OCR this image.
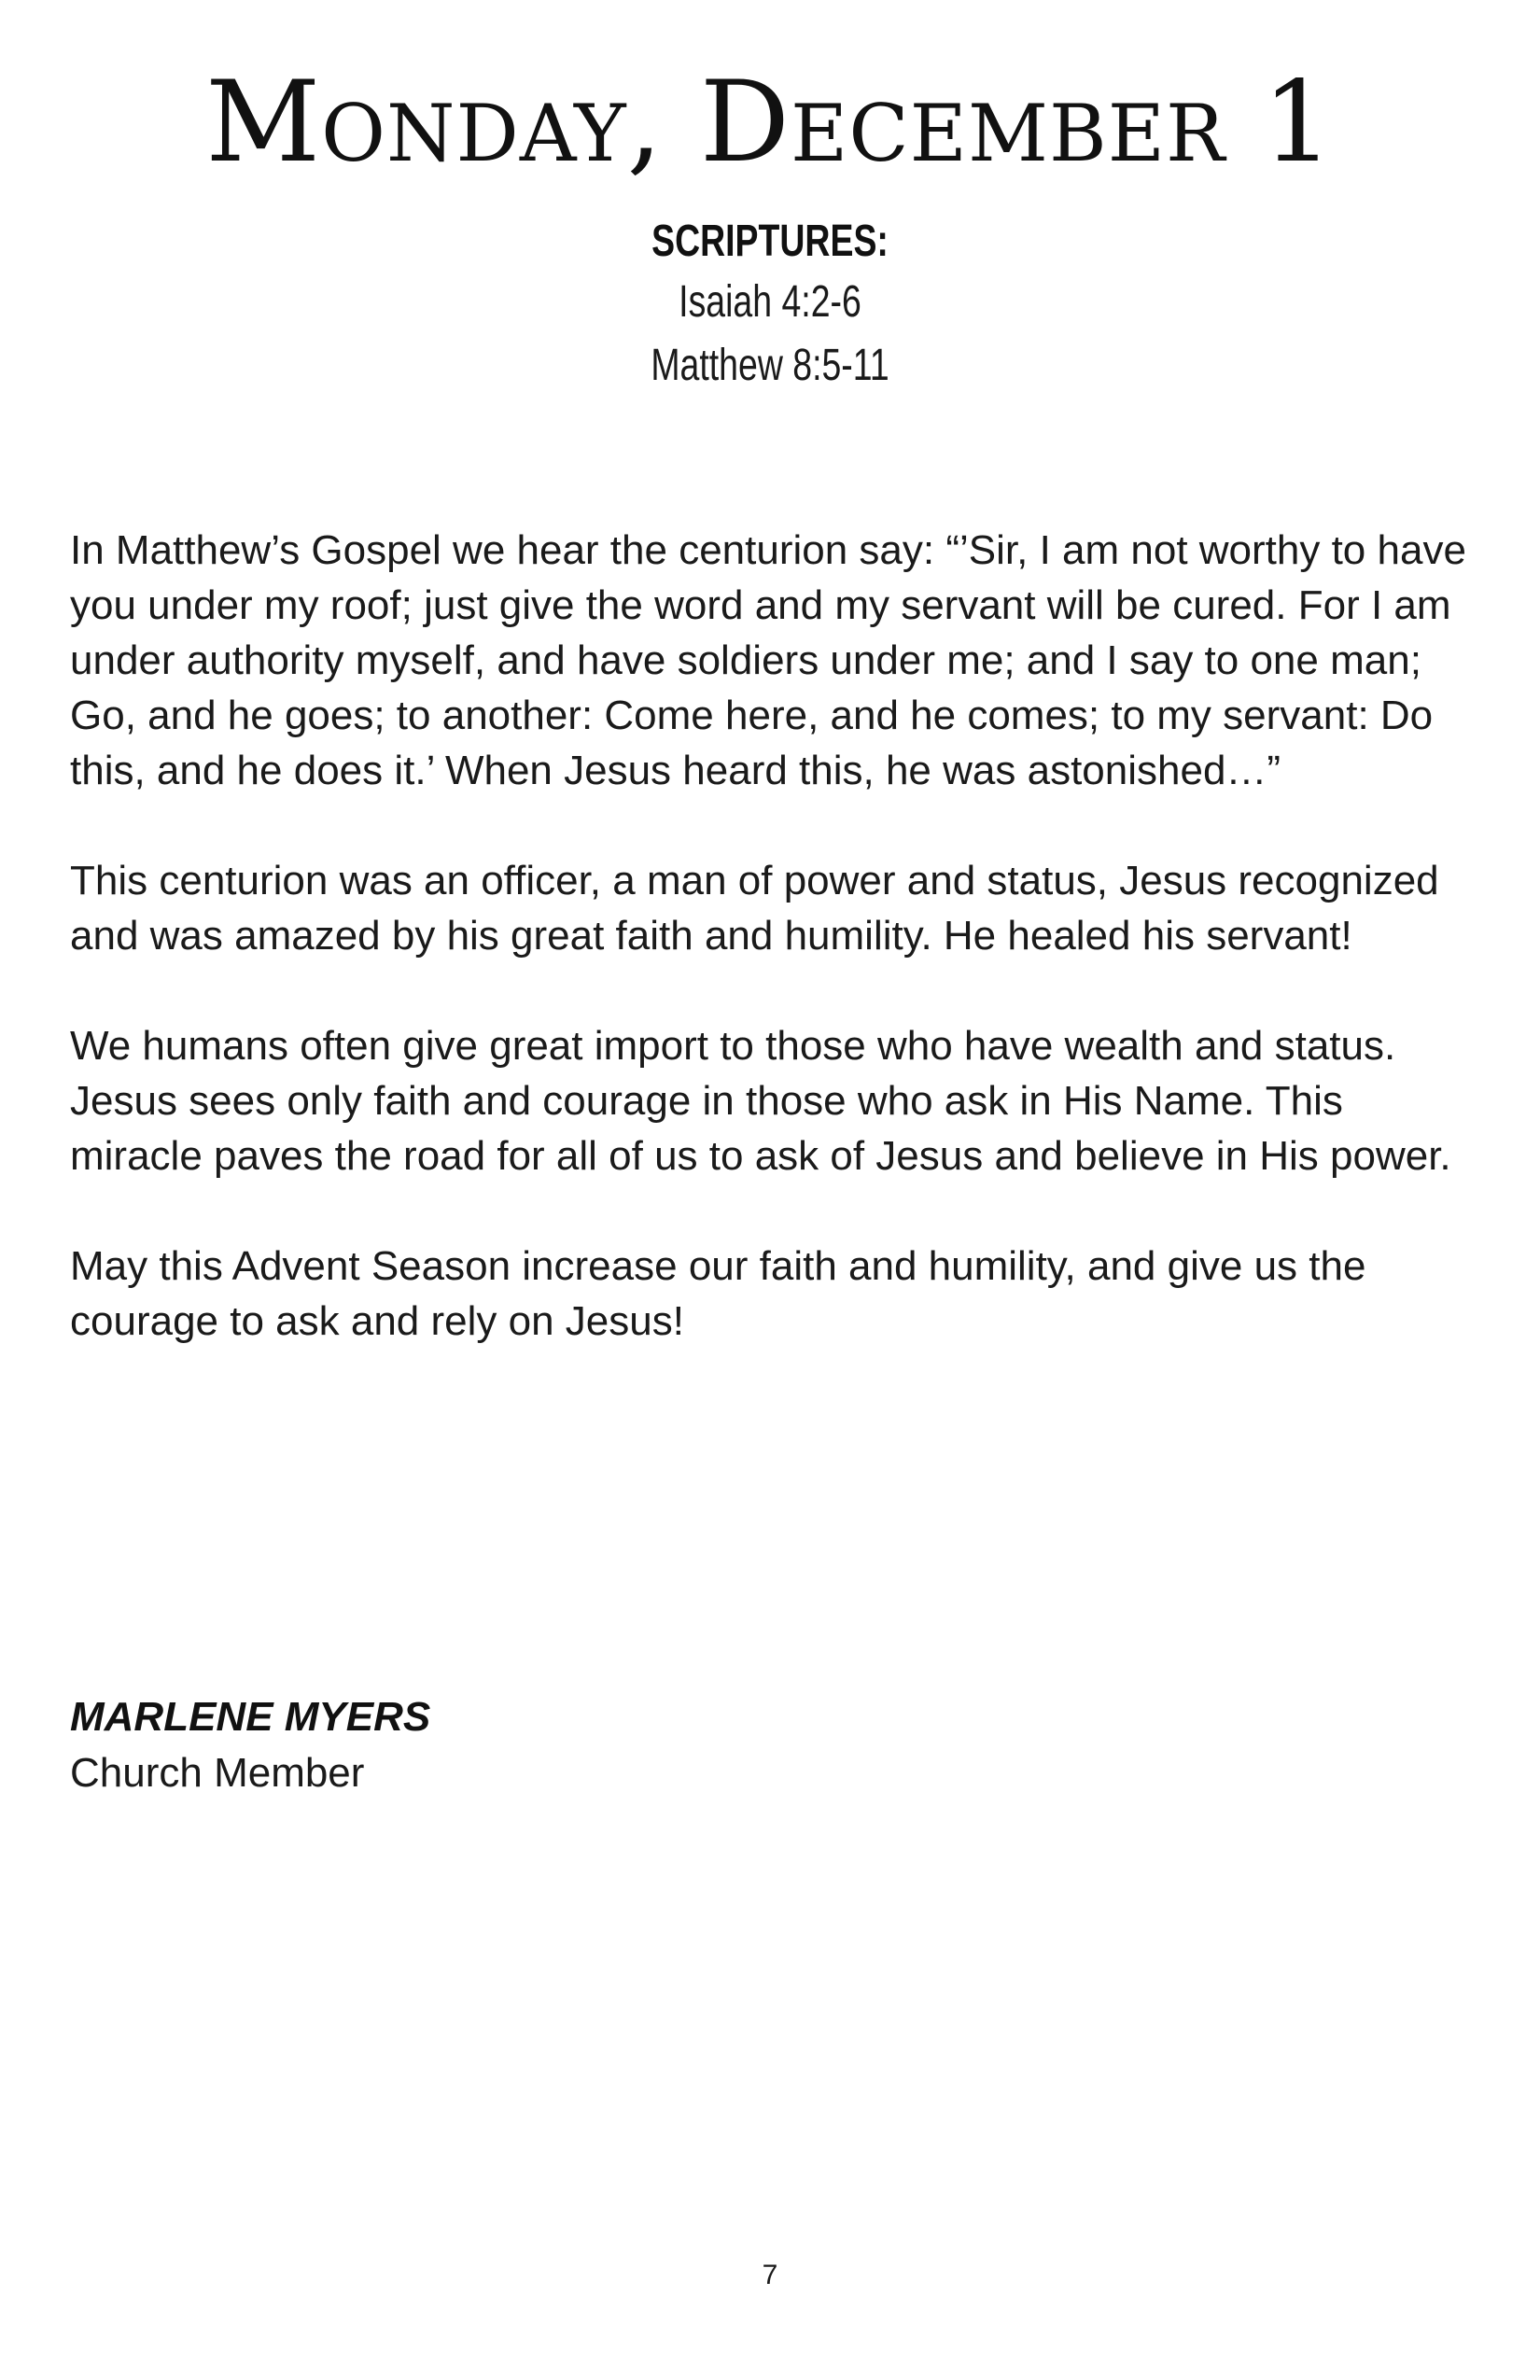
Monday, December 1
SCRIPTURES:
Isaiah 4:2-6
Matthew 8:5-11

In Matthew’s Gospel we hear the centurion say: “’Sir, I am not worthy to have you under my roof; just give the word and my servant will be cured. For I am under authority myself, and have soldiers under me; and I say to one man; Go, and he goes; to another: Come here, and he comes; to my servant: Do this, and he does it.’ When Jesus heard this, he was astonished…”

This centurion was an officer, a man of power and status, Jesus recognized and was amazed by his great faith and humility. He healed his servant!

We humans often give great import to those who have wealth and status. Jesus sees only faith and courage in those who ask in His Name. This miracle paves the road for all of us to ask of Jesus and believe in His power.

May this Advent Season increase our faith and humility, and give us the courage to ask and rely on Jesus!

MARLENE MYERS
Church Member
7
